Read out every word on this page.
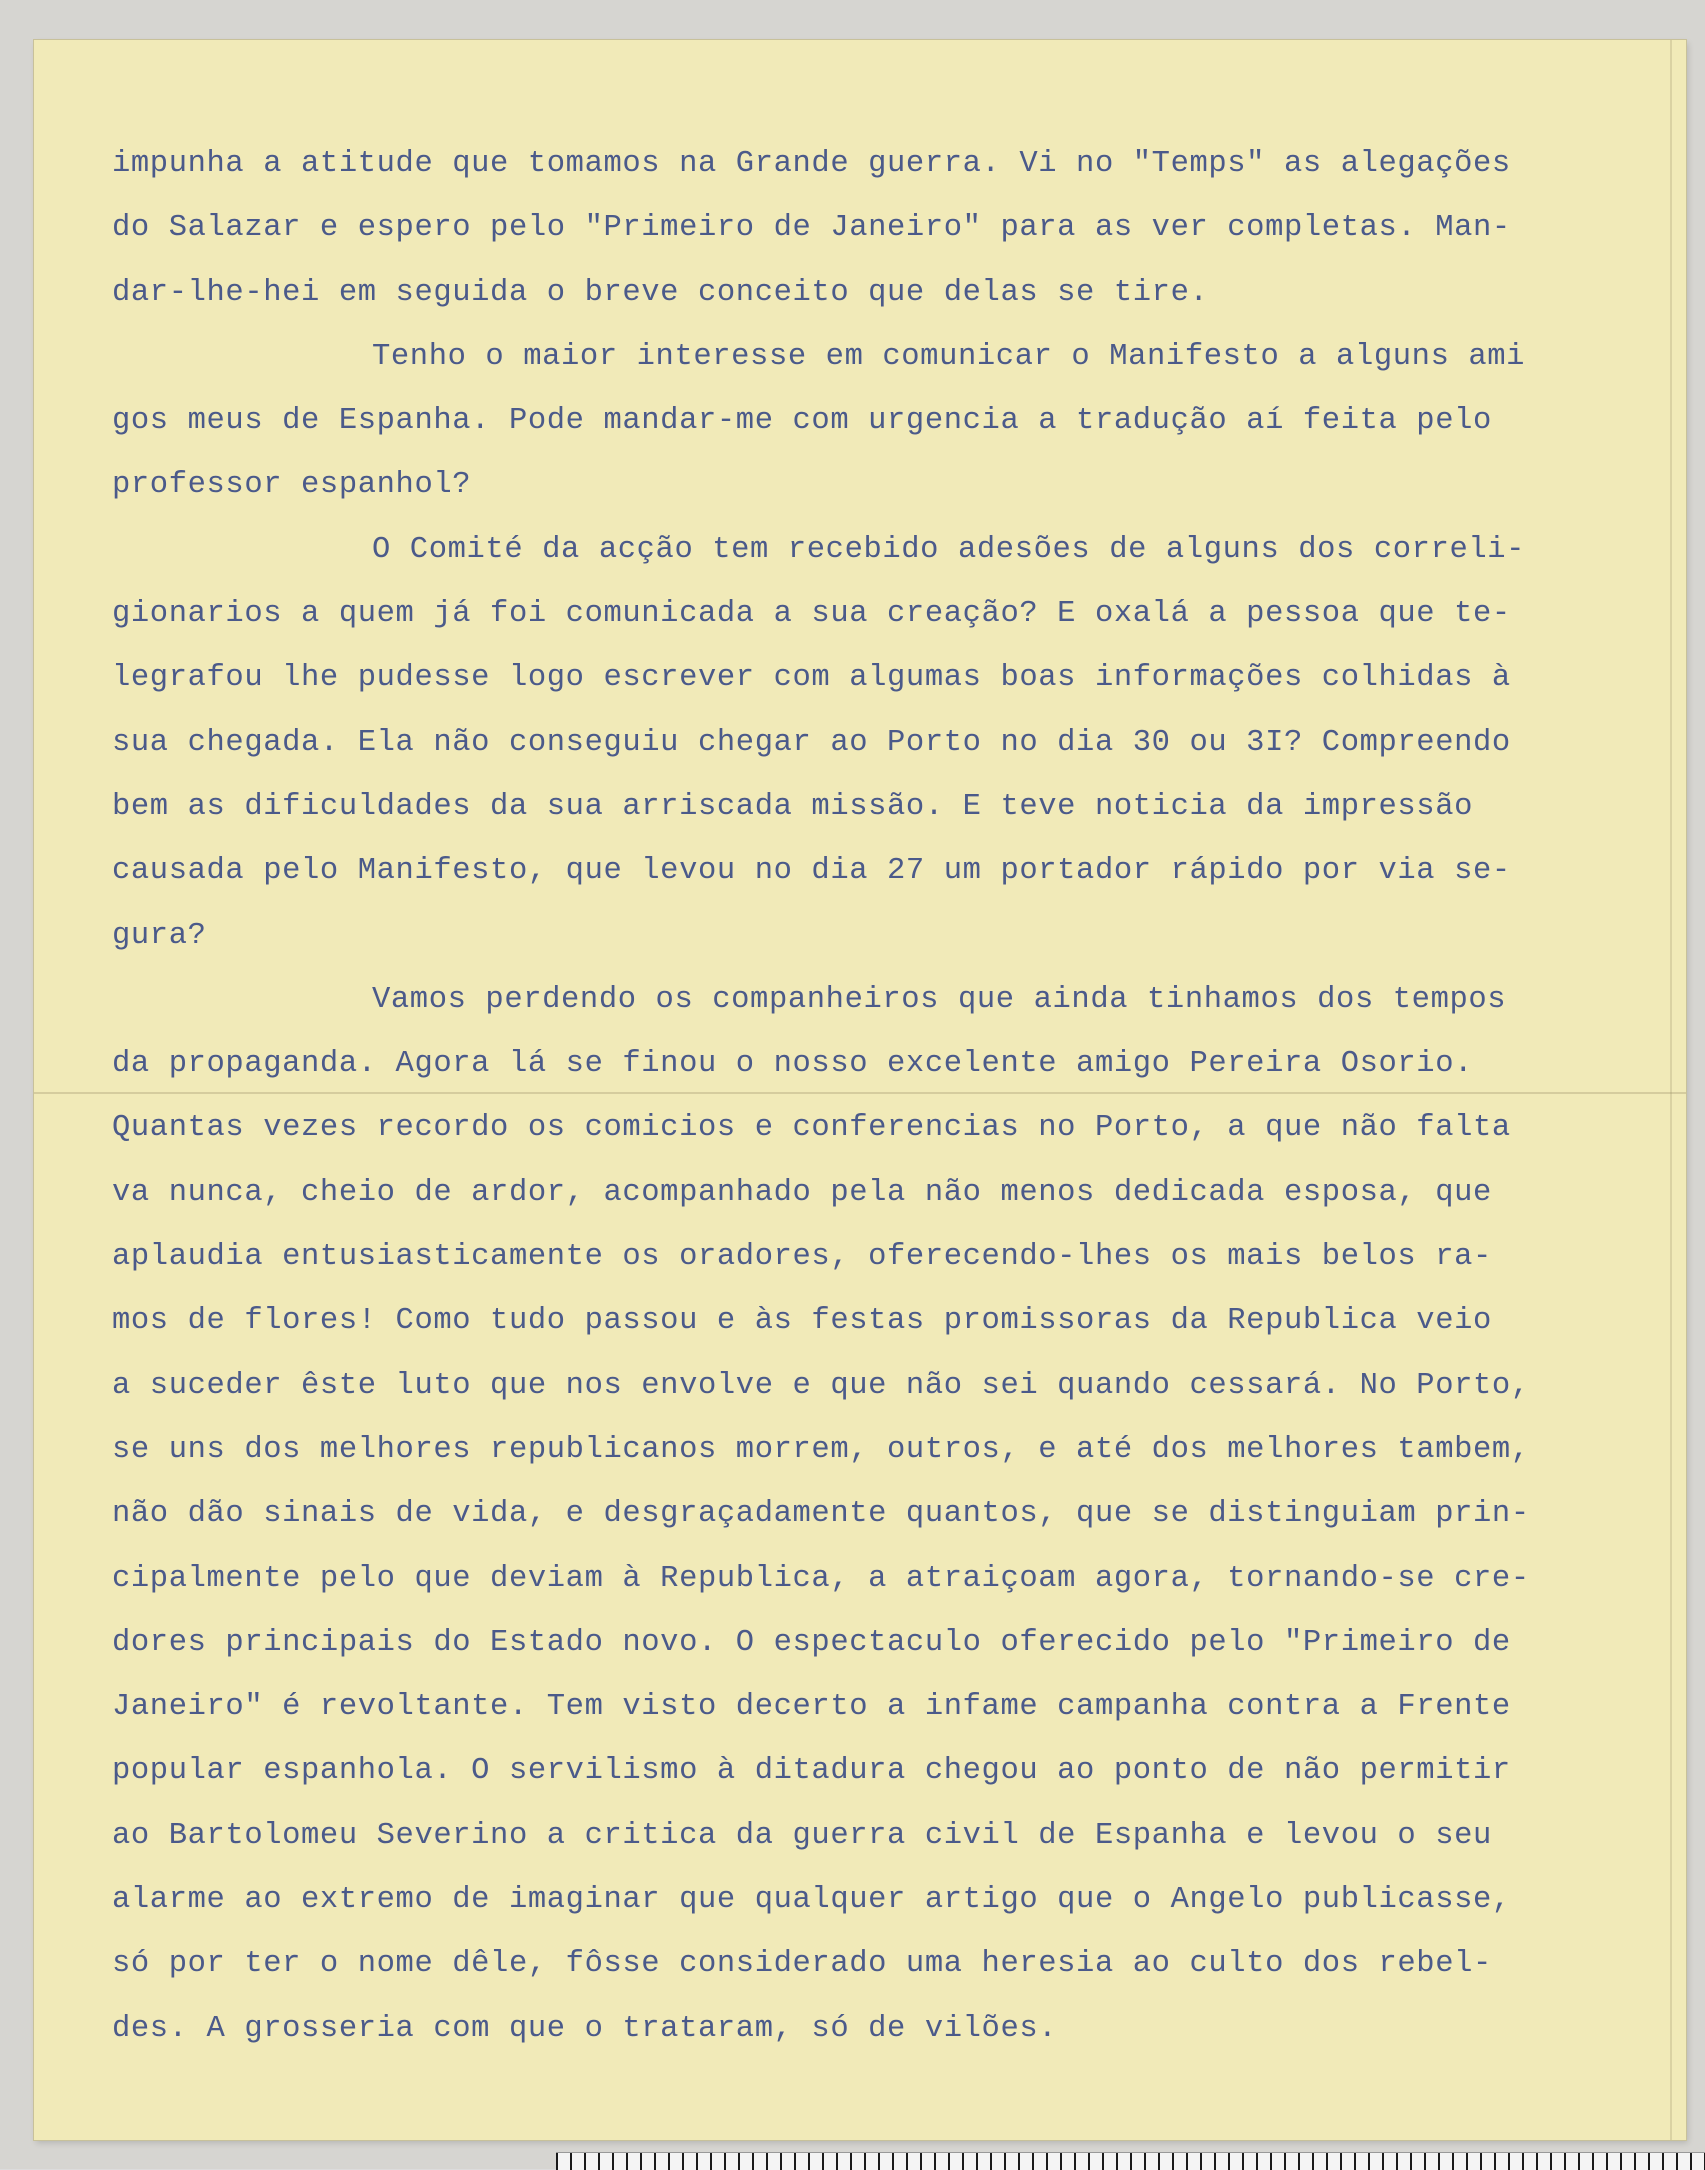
impunha a atitude que tomamos na Grande guerra. Vi no "Temps" as alegações
do Salazar e espero pelo "Primeiro de Janeiro" para as ver completas. Man-
dar-lhe-hei em seguida o breve conceito que delas se tire.
Tenho o maior interesse em comunicar o Manifesto a alguns ami
gos meus de Espanha. Pode mandar-me com urgencia a tradução aí feita pelo
professor espanhol?
O Comité da acção tem recebido adesões de alguns dos correli-
gionarios a quem já foi comunicada a sua creação? E oxalá a pessoa que te-
legrafou lhe pudesse logo escrever com algumas boas informações colhidas à
sua chegada. Ela não conseguiu chegar ao Porto no dia 30 ou 3I? Compreendo
bem as dificuldades da sua arriscada missão. E teve noticia da impressão
causada pelo Manifesto, que levou no dia 27 um portador rápido por via se-
gura?
Vamos perdendo os companheiros que ainda tinhamos dos tempos
da propaganda. Agora lá se finou o nosso excelente amigo Pereira Osorio.
Quantas vezes recordo os comicios e conferencias no Porto, a que não falta
va nunca, cheio de ardor, acompanhado pela não menos dedicada esposa, que
aplaudia entusiasticamente os oradores, oferecendo-lhes os mais belos ra-
mos de flores! Como tudo passou e às festas promissoras da Republica veio
a suceder êste luto que nos envolve e que não sei quando cessará. No Porto,
se uns dos melhores republicanos morrem, outros, e até dos melhores tambem,
não dão sinais de vida, e desgraçadamente quantos, que se distinguiam prin-
cipalmente pelo que deviam à Republica, a atraiçoam agora, tornando-se cre-
dores principais do Estado novo. O espectaculo oferecido pelo "Primeiro de
Janeiro" é revoltante. Tem visto decerto a infame campanha contra a Frente
popular espanhola. O servilismo à ditadura chegou ao ponto de não permitir
ao Bartolomeu Severino a critica da guerra civil de Espanha e levou o seu
alarme ao extremo de imaginar que qualquer artigo que o Angelo publicasse,
só por ter o nome dêle, fôsse considerado uma heresia ao culto dos rebel-
des. A grosseria com que o trataram, só de vilões.
